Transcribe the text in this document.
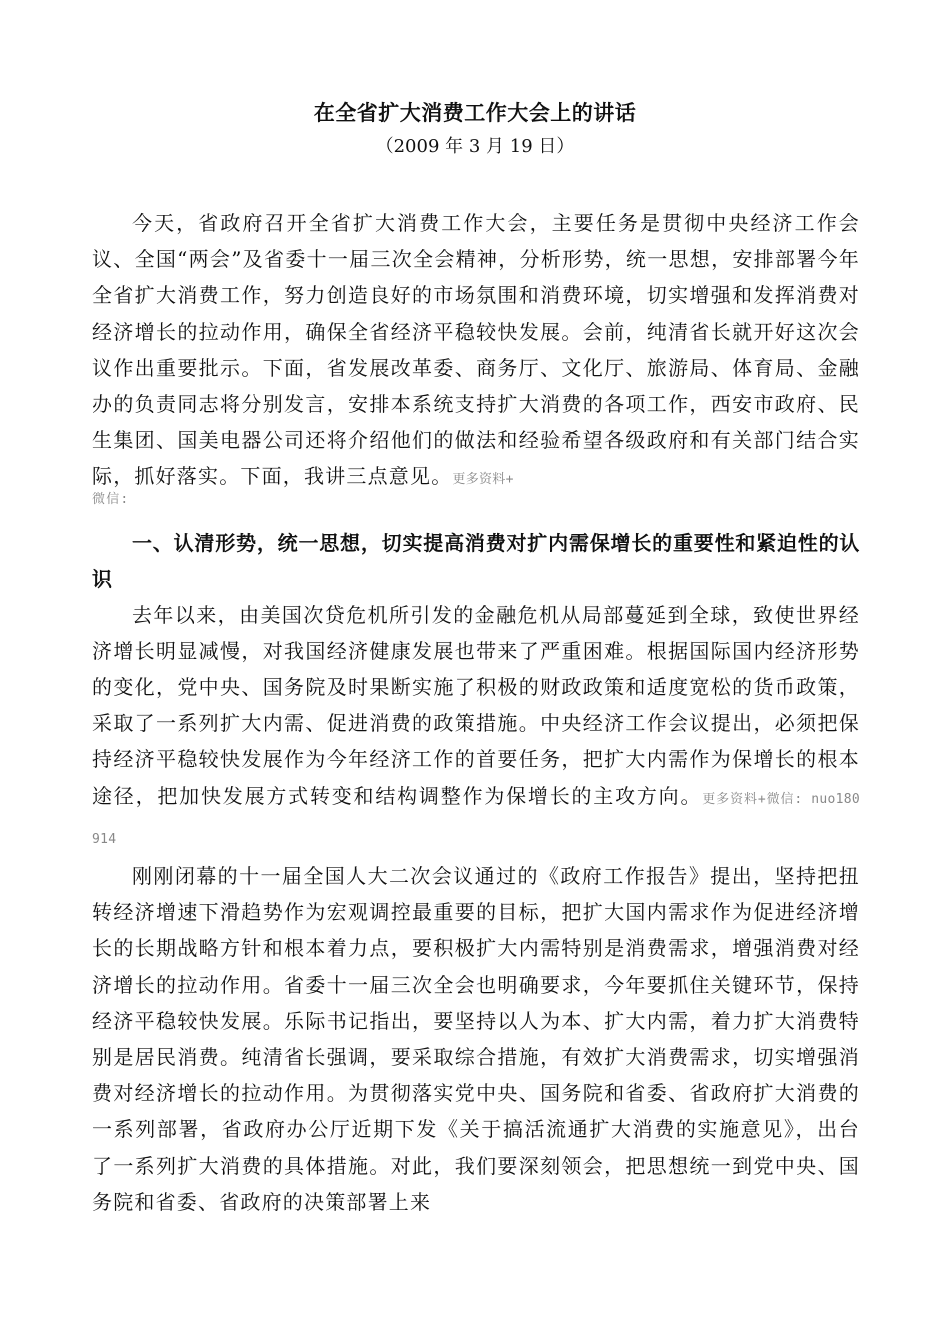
在全省扩大消费工作大会上的讲话
（2009 年 3 月 19 日）

今天，省政府召开全省扩大消费工作大会，主要任务是贯彻中央经济工作会议、全国“两会”及省委十一届三次全会精神，分析形势，统一思想，安排部署今年全省扩大消费工作，努力创造良好的市场氛围和消费环境，切实增强和发挥消费对经济增长的拉动作用，确保全省经济平稳较快发展。会前，纯清省长就开好这次会议作出重要批示。下面，省发展改革委、商务厅、文化厅、旅游局、体育局、金融办的负责同志将分别发言，安排本系统支持扩大消费的各项工作，西安市政府、民生集团、国美电器公司还将介绍他们的做法和经验希望各级政府和有关部门结合实际，抓好落实。下面，我讲三点意见。更多资料+

微信:

一、认清形势，统一思想，切实提高消费对扩内需保增长的重要性和紧迫性的认识

去年以来，由美国次贷危机所引发的金融危机从局部蔓延到全球，致使世界经济增长明显减慢，对我国经济健康发展也带来了严重困难。根据国际国内经济形势的变化，党中央、国务院及时果断实施了积极的财政政策和适度宽松的货币政策，采取了一系列扩大内需、促进消费的政策措施。中央经济工作会议提出，必须把保持经济平稳较快发展作为今年经济工作的首要任务，把扩大内需作为保增长的根本途径，把加快发展方式转变和结构调整作为保增长的主攻方向。更多资料+微信: nuo180 914

刚刚闭幕的十一届全国人大二次会议通过的《政府工作报告》提出，坚持把扭转经济增速下滑趋势作为宏观调控最重要的目标，把扩大国内需求作为促进经济增长的长期战略方针和根本着力点，要积极扩大内需特别是消费需求，增强消费对经济增长的拉动作用。省委十一届三次全会也明确要求，今年要抓住关键环节，保持经济平稳较快发展。乐际书记指出，要坚持以人为本、扩大内需，着力扩大消费特别是居民消费。纯清省长强调，要采取综合措施，有效扩大消费需求，切实增强消费对经济增长的拉动作用。为贯彻落实党中央、国务院和省委、省政府扩大消费的一系列部署，省政府办公厅近期下发《关于搞活流通扩大消费的实施意见》，出台了一系列扩大消费的具体措施。对此，我们要深刻领会，把思想统一到党中央、国务院和省委、省政府的决策部署上来
